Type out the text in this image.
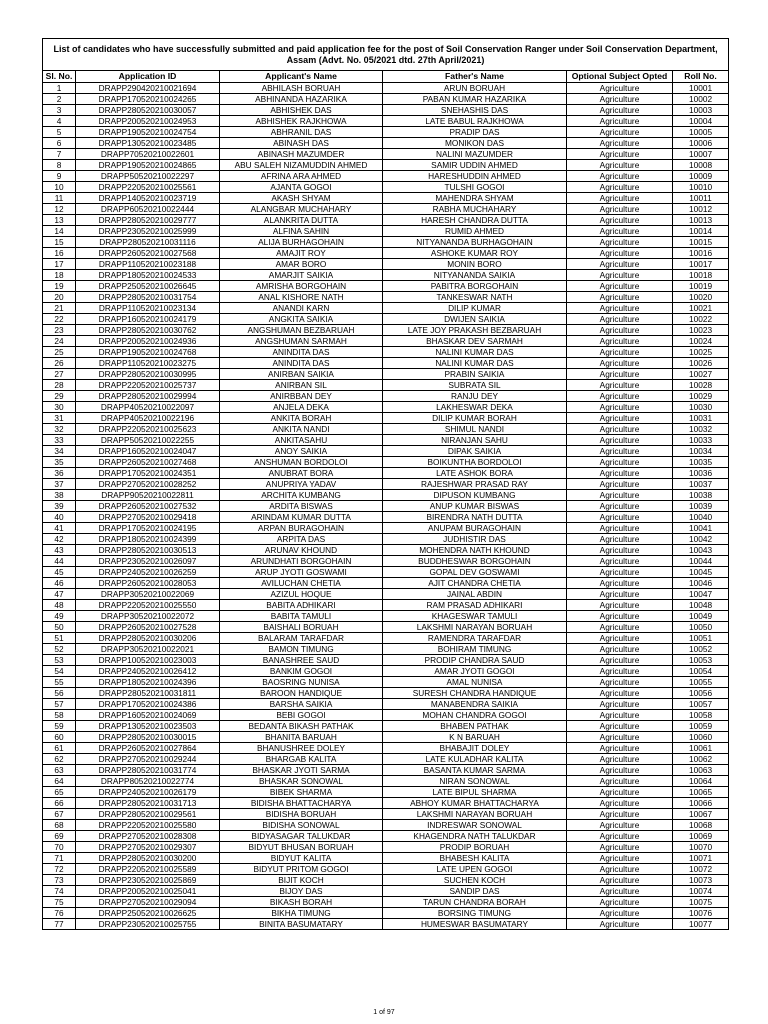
List of candidates who have successfully submitted and paid application fee for the post of Soil Conservation Ranger under Soil Conservation Department, Assam (Advt. No. 05/2021 dtd. 27th April/2021)					
Sl. No.	Application ID	Applicant's Name	Father's Name	Optional Subject Opted	Roll No.
1	DRAPP290420210021694	ABHILASH BORUAH	ARUN BORUAH	Agriculture	10001
2	DRAPP170520210024265	ABHINANDA HAZARIKA	PABAN KUMAR HAZARIKA	Agriculture	10002
3	DRAPP280520210030057	ABHISHEK DAS	SNEHASHIS DAS	Agriculture	10003
4	DRAPP200520210024953	ABHISHEK RAJKHOWA	LATE BABUL RAJKHOWA	Agriculture	10004
5	DRAPP190520210024754	ABHRANIL DAS	PRADIP DAS	Agriculture	10005
6	DRAPP130520210023485	ABINASH DAS	MONIKON DAS	Agriculture	10006
7	DRAPP70520210022601	ABINASH MAZUMDER	NALINI MAZUMDER	Agriculture	10007
8	DRAPP190520210024865	ABU SALEH NIZAMUDDIN AHMED	SAMIR UDDIN AHMED	Agriculture	10008
9	DRAPP50520210022297	AFRINA ARA AHMED	HARESHUDDIN AHMED	Agriculture	10009
10	DRAPP220520210025561	AJANTA GOGOI	TULSHI GOGOI	Agriculture	10010
11	DRAPP140520210023719	AKASH SHYAM	MAHENDRA SHYAM	Agriculture	10011
12	DRAPP60520210022444	ALANGBAR MUCHAHARY	RABHA MUCHAHARY	Agriculture	10012
13	DRAPP280520210029777	ALANKRITA DUTTA	HARESH CHANDRA DUTTA	Agriculture	10013
14	DRAPP230520210025999	ALFINA SAHIN	RUMID AHMED	Agriculture	10014
15	DRAPP280520210031116	ALIJA BURHAGOHAIN	NITYANANDA BURHAGOHAIN	Agriculture	10015
16	DRAPP260520210027568	AMAJIT ROY	ASHOKE KUMAR ROY	Agriculture	10016
17	DRAPP110520210023188	AMAR BORO	MONIN BORO	Agriculture	10017
18	DRAPP180520210024533	AMARJIT SAIKIA	NITYANANDA SAIKIA	Agriculture	10018
19	DRAPP250520210026645	AMRISHA BORGOHAIN	PABITRA BORGOHAIN	Agriculture	10019
20	DRAPP280520210031754	ANAL KISHORE NATH	TANKESWAR NATH	Agriculture	10020
21	DRAPP110520210023134	ANANDI KARN	DILIP KUMAR	Agriculture	10021
22	DRAPP160520210024179	ANGKITA SAIKIA	DWIJEN SAIKIA	Agriculture	10022
23	DRAPP280520210030762	ANGSHUMAN BEZBARUAH	LATE JOY PRAKASH BEZBARUAH	Agriculture	10023
24	DRAPP200520210024936	ANGSHUMAN SARMAH	BHASKAR DEV SARMAH	Agriculture	10024
25	DRAPP190520210024768	ANINDITA DAS	NALINI KUMAR DAS	Agriculture	10025
26	DRAPP110520210023275	ANINDITA DAS	NALINI KUMAR DAS	Agriculture	10026
27	DRAPP280520210030995	ANIRBAN SAIKIA	PRABIN SAIKIA	Agriculture	10027
28	DRAPP220520210025737	ANIRBAN SIL	SUBRATA SIL	Agriculture	10028
29	DRAPP280520210029994	ANIRBBAN DEY	RANJU DEY	Agriculture	10029
30	DRAPP40520210022097	ANJELA DEKA	LAKHESWAR DEKA	Agriculture	10030
31	DRAPP40520210022196	ANKITA BORAH	DILIP KUMAR BORAH	Agriculture	10031
32	DRAPP220520210025623	ANKITA NANDI	SHIMUL NANDI	Agriculture	10032
33	DRAPP50520210022255	ANKITASAHU	NIRANJAN SAHU	Agriculture	10033
34	DRAPP160520210024047	ANOY SAIKIA	DIPAK SAIKIA	Agriculture	10034
35	DRAPP260520210027468	ANSHUMAN BORDOLOI	BOIKUNTHA BORDOLOI	Agriculture	10035
36	DRAPP170520210024351	ANUBRAT BORA	LATE ASHOK BORA	Agriculture	10036
37	DRAPP270520210028252	ANUPRIYA YADAV	RAJESHWAR PRASAD RAY	Agriculture	10037
38	DRAPP90520210022811	ARCHITA KUMBANG	DIPUSON KUMBANG	Agriculture	10038
39	DRAPP260520210027532	ARDITA BISWAS	ANUP KUMAR BISWAS	Agriculture	10039
40	DRAPP270520210029418	ARINDAM KUMAR DUTTA	BIRENDRA NATH DUTTA	Agriculture	10040
41	DRAPP170520210024195	ARPAN BURAGOHAIN	ANUPAM BURAGOHAIN	Agriculture	10041
42	DRAPP180520210024399	ARPITA DAS	JUDHISTIR DAS	Agriculture	10042
43	DRAPP280520210030513	ARUNAV KHOUND	MOHENDRA NATH KHOUND	Agriculture	10043
44	DRAPP230520210026097	ARUNDHATI BORGOHAIN	BUDDHESWAR BORGOHAIN	Agriculture	10044
45	DRAPP240520210026259	ARUP JYOTI GOSWAMI	GOPAL DEV GOSWAMI	Agriculture	10045
46	DRAPP260520210028053	AVILUCHAN CHETIA	AJIT CHANDRA CHETIA	Agriculture	10046
47	DRAPP30520210022069	AZIZUL HOQUE	JAINAL ABDIN	Agriculture	10047
48	DRAPP220520210025550	BABITA ADHIKARI	RAM PRASAD ADHIKARI	Agriculture	10048
49	DRAPP30520210022072	BABITA TAMULI	KHAGESWAR TAMULI	Agriculture	10049
50	DRAPP260520210027528	BAISHALI BORUAH	LAKSHMI NARAYAN BORUAH	Agriculture	10050
51	DRAPP280520210030206	BALARAM TARAFDAR	RAMENDRA TARAFDAR	Agriculture	10051
52	DRAPP30520210022021	BAMON TIMUNG	BOHIRAM TIMUNG	Agriculture	10052
53	DRAPP100520210023003	BANASHREE SAUD	PRODIP CHANDRA SAUD	Agriculture	10053
54	DRAPP240520210026412	BANKIM GOGOI	AMAR JYOTI GOGOI	Agriculture	10054
55	DRAPP180520210024396	BAOSRING NUNISA	AMAL NUNISA	Agriculture	10055
56	DRAPP280520210031811	BAROON HANDIQUE	SURESH CHANDRA HANDIQUE	Agriculture	10056
57	DRAPP170520210024386	BARSHA SAIKIA	MANABENDRA SAIKIA	Agriculture	10057
58	DRAPP160520210024069	BEBI GOGOI	MOHAN CHANDRA GOGOI	Agriculture	10058
59	DRAPP130520210023503	BEDANTA BIKASH PATHAK	BHABEN PATHAK	Agriculture	10059
60	DRAPP280520210030015	BHANITA BARUAH	K N BARUAH	Agriculture	10060
61	DRAPP260520210027864	BHANUSHREE DOLEY	BHABAJIT DOLEY	Agriculture	10061
62	DRAPP270520210029244	BHARGAB KALITA	LATE KULADHAR KALITA	Agriculture	10062
63	DRAPP280520210031774	BHASKAR JYOTI SARMA	BASANTA KUMAR SARMA	Agriculture	10063
64	DRAPP80520210022774	BHASKAR SONOWAL	NIRAN SONOWAL	Agriculture	10064
65	DRAPP240520210026179	BIBEK SHARMA	LATE BIPUL SHARMA	Agriculture	10065
66	DRAPP280520210031713	BIDISHA BHATTACHARYA	ABHOY KUMAR BHATTACHARYA	Agriculture	10066
67	DRAPP280520210029561	BIDISHA BORUAH	LAKSHMI NARAYAN BORUAH	Agriculture	10067
68	DRAPP220520210025580	BIDISHA SONOWAL	INDRESWAR SONOWAL	Agriculture	10068
69	DRAPP270520210028308	BIDYASAGAR TALUKDAR	KHAGENDRA NATH TALUKDAR	Agriculture	10069
70	DRAPP270520210029307	BIDYUT BHUSAN BORUAH	PRODIP BORUAH	Agriculture	10070
71	DRAPP280520210030200	BIDYUT KALITA	BHABESH KALITA	Agriculture	10071
72	DRAPP220520210025589	BIDYUT PRITOM GOGOI	LATE UPEN GOGOI	Agriculture	10072
73	DRAPP230520210025869	BIJIT KOCH	SUCHEN KOCH	Agriculture	10073
74	DRAPP200520210025041	BIJOY DAS	SANDIP DAS	Agriculture	10074
75	DRAPP270520210029094	BIKASH BORAH	TARUN CHANDRA BORAH	Agriculture	10075
76	DRAPP250520210026625	BIKHA TIMUNG	BORSING TIMUNG	Agriculture	10076
77	DRAPP230520210025755	BINITA BASUMATARY	HUMESWAR BASUMATARY	Agriculture	10077
1 of 97
